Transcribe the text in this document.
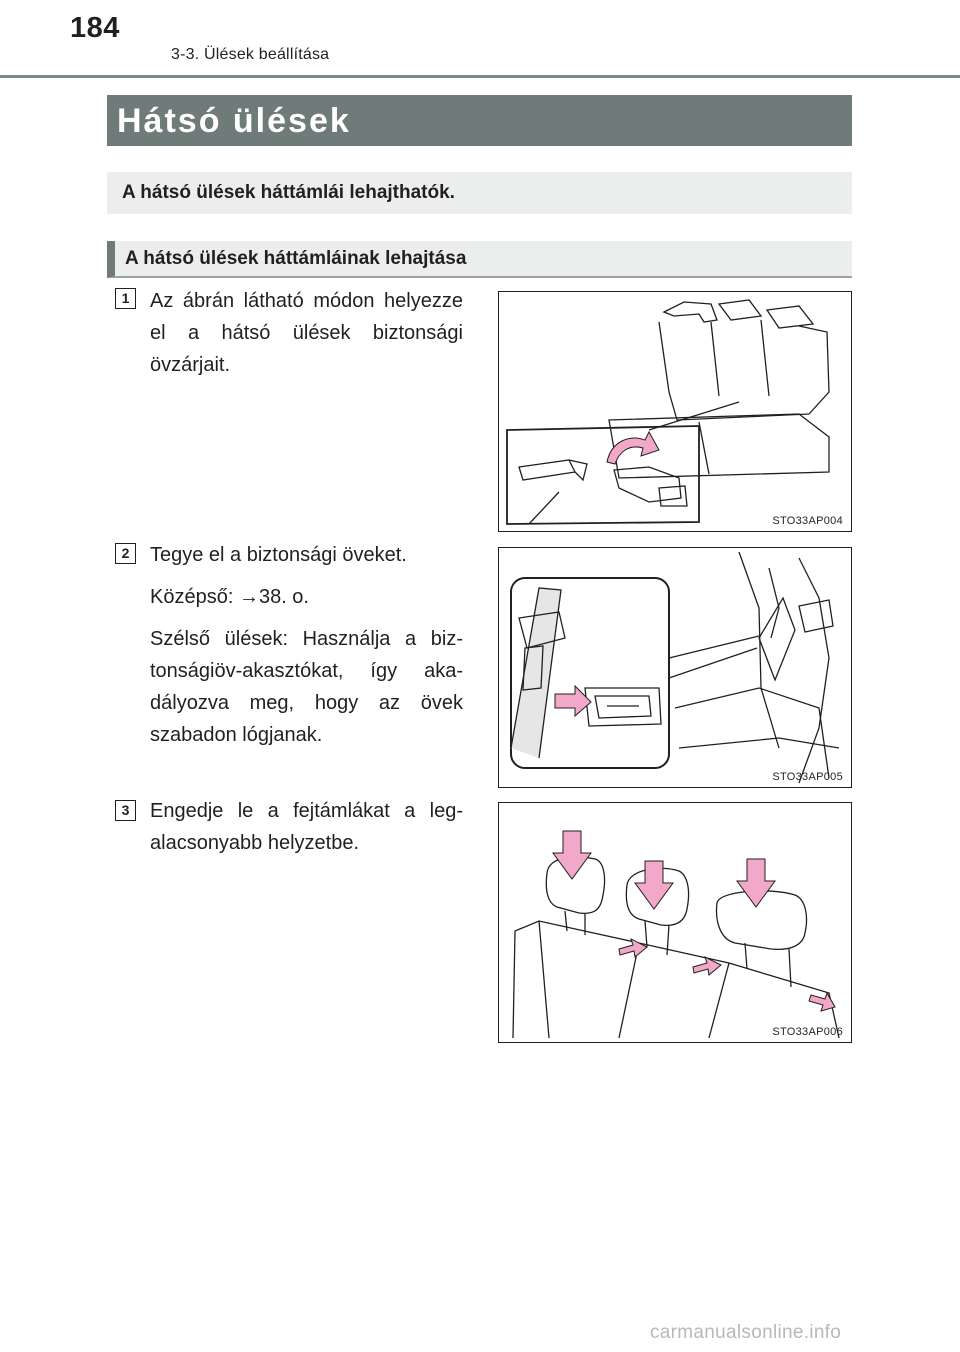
184
3-3. Ülések beállítása
Hátsó ülések
A hátsó ülések háttámlái lehajthatók.
A hátsó ülések háttámláinak lehajtása
1	Az ábrán látható módon helyezze el a hátsó ülések biztonsági övzárjait.

STO33AP004
2	Tegye el a biztonsági öveket.

Középső: →38. o.

Szélső ülések: Használja a biztonságiöv-akasztókat, így akadályozva meg, hogy az övek szabadon lógjanak.

STO33AP005
3	Engedje le a fejtámlákat a legalacsonyabb helyzetbe.

STO33AP006
carmanualsonline.info
